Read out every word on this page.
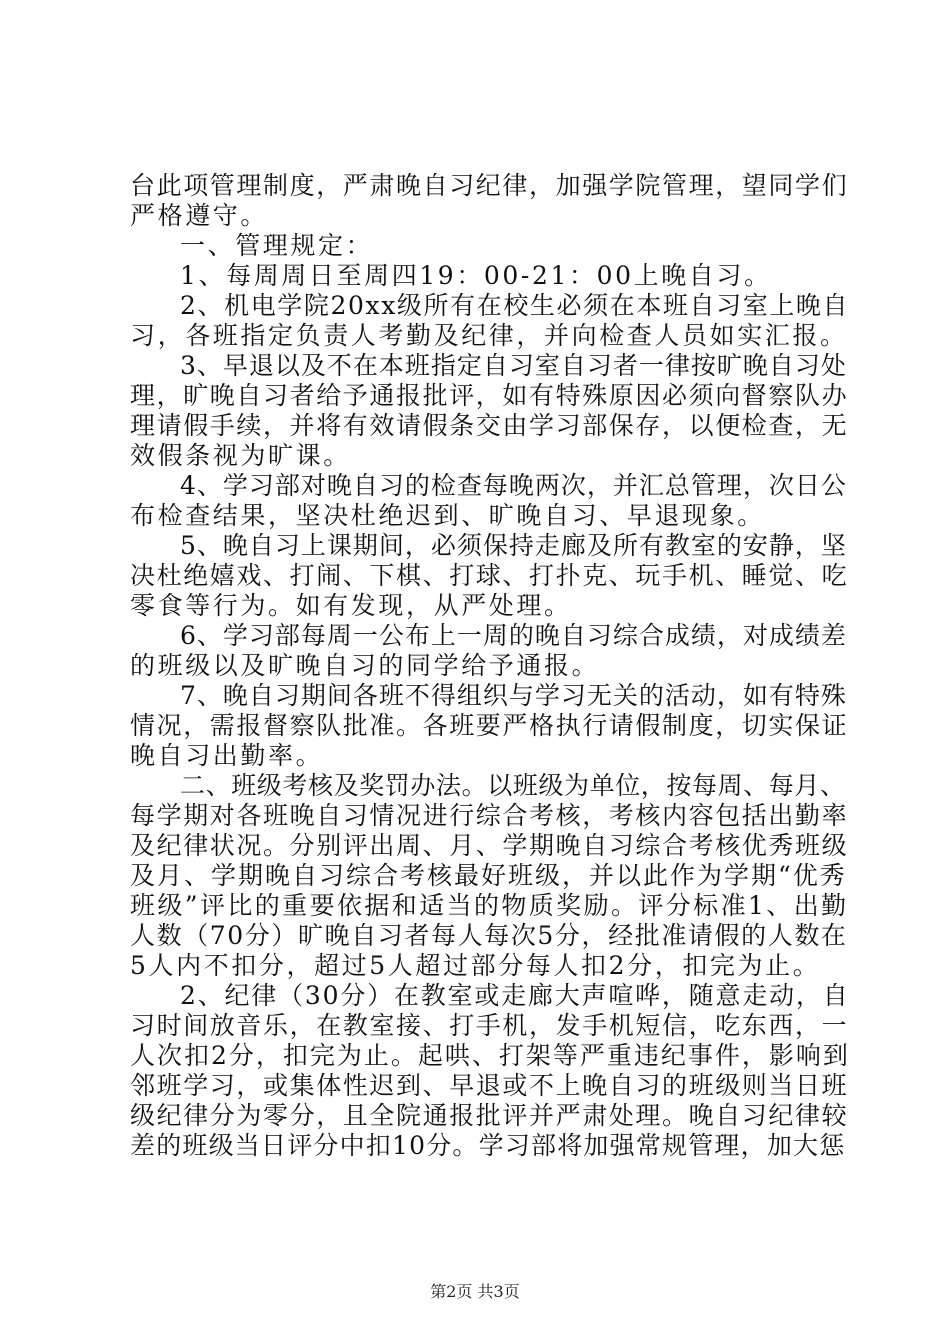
台此项管理制度，严肃晚自习纪律，加强学院管理，望同学们
严格遵守。
一、管理规定：
1、每周周日至周四19：00-21：00上晚自习。
2、机电学院20xx级所有在校生必须在本班自习室上晚自
习，各班指定负责人考勤及纪律，并向检查人员如实汇报。
3、早退以及不在本班指定自习室自习者一律按旷晚自习处
理，旷晚自习者给予通报批评，如有特殊原因必须向督察队办
理请假手续，并将有效请假条交由学习部保存，以便检查，无
效假条视为旷课。
4、学习部对晚自习的检查每晚两次，并汇总管理，次日公
布检查结果，坚决杜绝迟到、旷晚自习、早退现象。
5、晚自习上课期间，必须保持走廊及所有教室的安静，坚
决杜绝嬉戏、打闹、下棋、打球、打扑克、玩手机、睡觉、吃
零食等行为。如有发现，从严处理。
6、学习部每周一公布上一周的晚自习综合成绩，对成绩差
的班级以及旷晚自习的同学给予通报。
7、晚自习期间各班不得组织与学习无关的活动，如有特殊
情况，需报督察队批准。各班要严格执行请假制度，切实保证
晚自习出勤率。
二、班级考核及奖罚办法。以班级为单位，按每周、每月、
每学期对各班晚自习情况进行综合考核，考核内容包括出勤率
及纪律状况。分别评出周、月、学期晚自习综合考核优秀班级
及月、学期晚自习综合考核最好班级，并以此作为学期“优秀
班级”评比的重要依据和适当的物质奖励。评分标准1、出勤
人数（70分）旷晚自习者每人每次5分，经批准请假的人数在
5人内不扣分，超过5人超过部分每人扣2分，扣完为止。
2、纪律（30分）在教室或走廊大声喧哗，随意走动，自
习时间放音乐，在教室接、打手机，发手机短信，吃东西，一
人次扣2分，扣完为止。起哄、打架等严重违纪事件，影响到
邻班学习，或集体性迟到、早退或不上晚自习的班级则当日班
级纪律分为零分，且全院通报批评并严肃处理。晚自习纪律较
差的班级当日评分中扣10分。学习部将加强常规管理，加大惩
第2页 共3页
